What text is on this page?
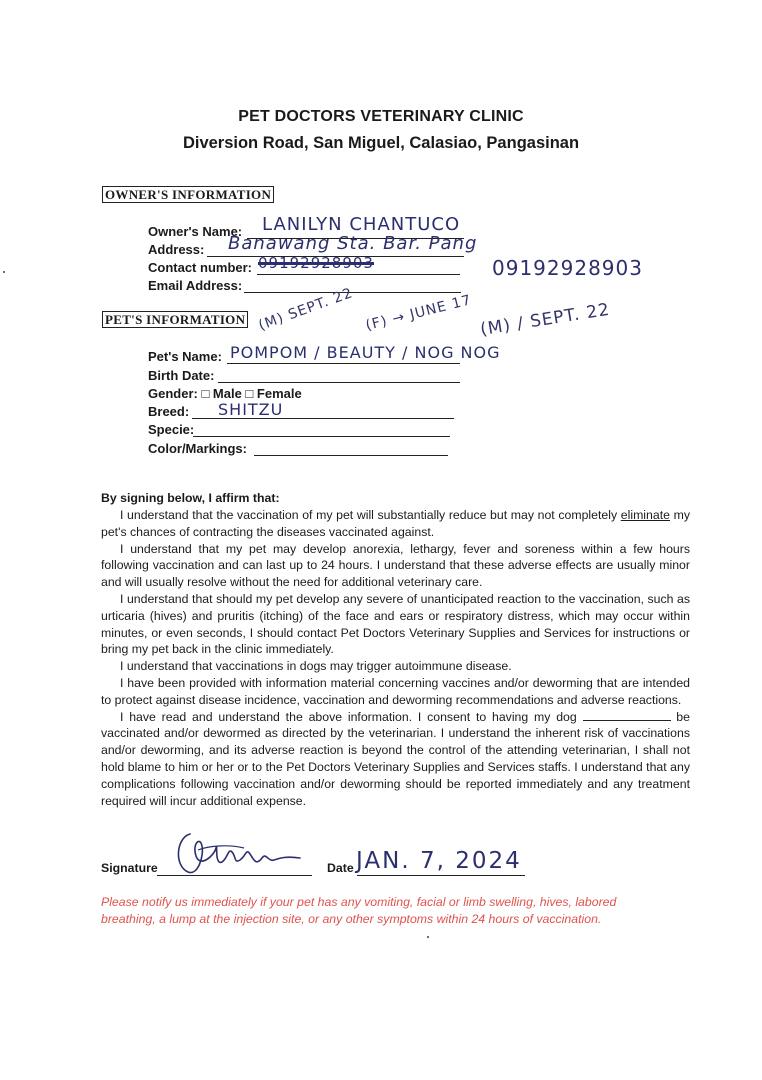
PET DOCTORS VETERINARY CLINIC
Diversion Road, San Miguel, Calasiao, Pangasinan
OWNER'S INFORMATION
Owner's Name: LANILYN CHANTUCO
Address: Banawang Sta. Bar. Pang
Contact number: 09192928903	09192928903
Email Address:
PET'S INFORMATION (M) SEPT. 22 (F) → JUNE 17 (M) / SEPT. 22
Pet's Name: POMPOM / BEAUTY / NOG NOG
Birth Date:
Gender: □ Male □ Female
Breed: SHITZU
Specie:
Color/Markings:
By signing below, I affirm that:

I understand that the vaccination of my pet will substantially reduce but may not completely eliminate my pet's chances of contracting the diseases vaccinated against.

I understand that my pet may develop anorexia, lethargy, fever and soreness within a few hours following vaccination and can last up to 24 hours. I understand that these adverse effects are usually minor and will usually resolve without the need for additional veterinary care.

I understand that should my pet develop any severe of unanticipated reaction to the vaccination, such as urticaria (hives) and pruritis (itching) of the face and ears or respiratory distress, which may occur within minutes, or even seconds, I should contact Pet Doctors Veterinary Supplies and Services for instructions or bring my pet back in the clinic immediately.

I understand that vaccinations in dogs may trigger autoimmune disease.

I have been provided with information material concerning vaccines and/or deworming that are intended to protect against disease incidence, vaccination and deworming recommendations and adverse reactions.

I have read and understand the above information. I consent to having my dog	be vaccinated and/or dewormed as directed by the veterinarian. I understand the inherent risk of vaccinations and/or deworming, and its adverse reaction is beyond the control of the attending veterinarian, I shall not hold blame to him or her or to the Pet Doctors Veterinary Supplies and Services staffs. I understand that any complications following vaccination and/or deworming should be reported immediately and any treatment required will incur additional expense.

Signature	Date JAN. 7, 2024
Please notify us immediately if your pet has any vomiting, facial or limb swelling, hives, labored breathing, a lump at the injection site, or any other symptoms within 24 hours of vaccination.
